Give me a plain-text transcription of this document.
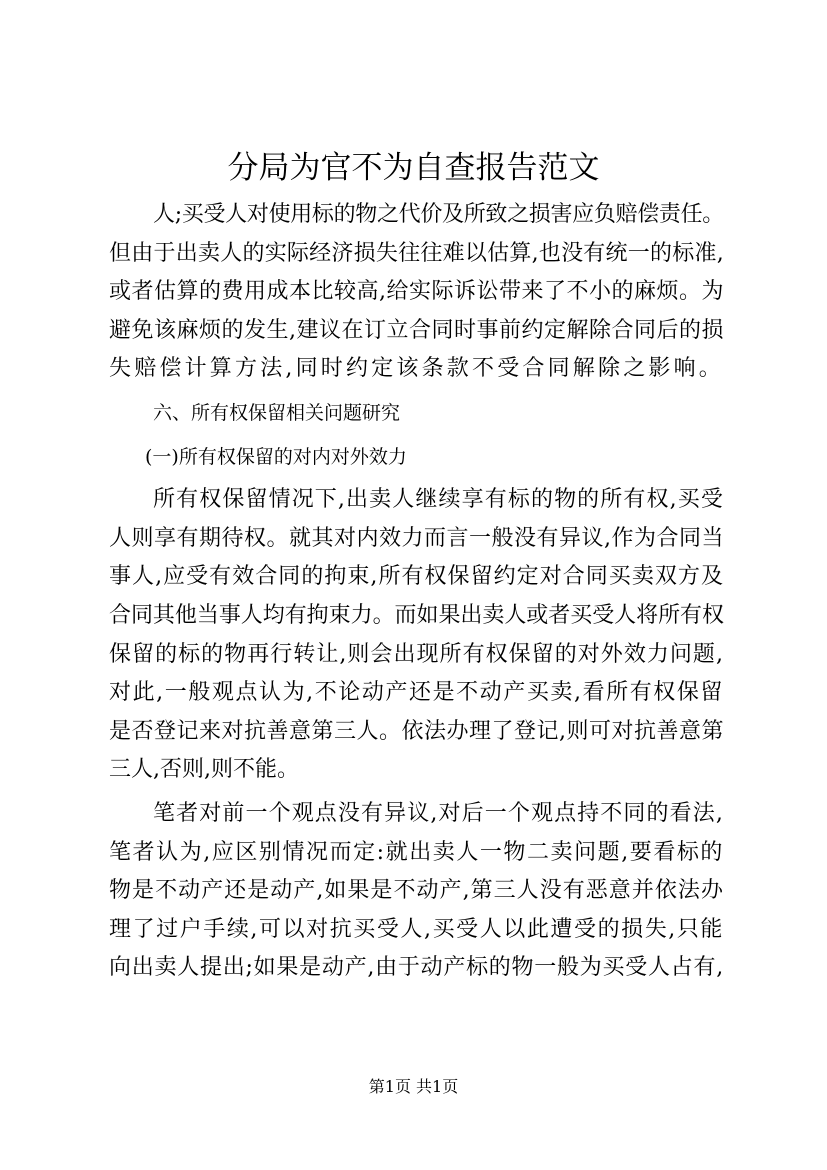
分局为官不为自查报告范文
人;买受人对使用标的物之代价及所致之损害应负赔偿责任。
但由于出卖人的实际经济损失往往难以估算,也没有统一的标准,
或者估算的费用成本比较高,给实际诉讼带来了不小的麻烦。为
避免该麻烦的发生,建议在订立合同时事前约定解除合同后的损
失赔偿计算方法,同时约定该条款不受合同解除之影响。
六、所有权保留相关问题研究
(一)所有权保留的对内对外效力
所有权保留情况下,出卖人继续享有标的物的所有权,买受
人则享有期待权。就其对内效力而言一般没有异议,作为合同当
事人,应受有效合同的拘束,所有权保留约定对合同买卖双方及
合同其他当事人均有拘束力。而如果出卖人或者买受人将所有权
保留的标的物再行转让,则会出现所有权保留的对外效力问题,
对此,一般观点认为,不论动产还是不动产买卖,看所有权保留
是否登记来对抗善意第三人。依法办理了登记,则可对抗善意第
三人,否则,则不能。
笔者对前一个观点没有异议,对后一个观点持不同的看法,
笔者认为,应区别情况而定:就出卖人一物二卖问题,要看标的
物是不动产还是动产,如果是不动产,第三人没有恶意并依法办
理了过户手续,可以对抗买受人,买受人以此遭受的损失,只能
向出卖人提出;如果是动产,由于动产标的物一般为买受人占有,
第1页 共1页
